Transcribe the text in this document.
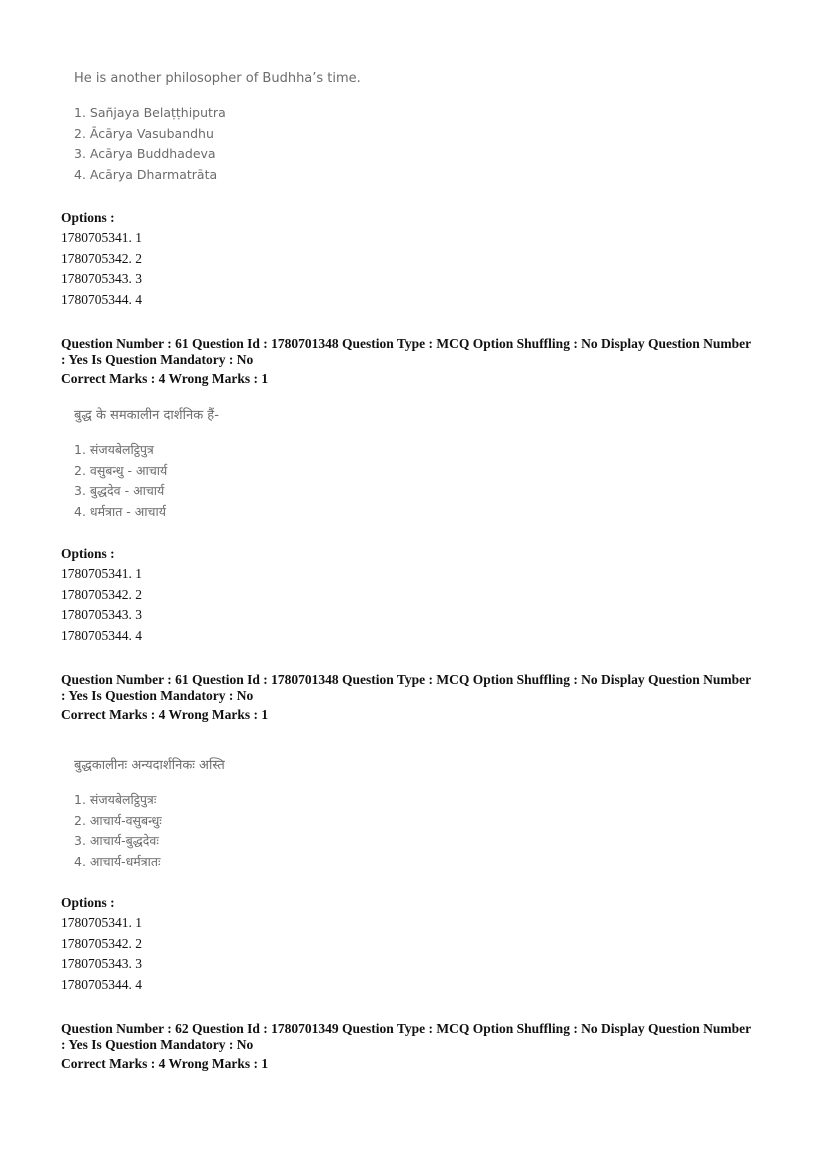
He is another philosopher of Budhha’s time.
1. Sañjaya Belaṭṭhiputra
2. Ācārya Vasubandhu
3. Acārya Buddhadeva
4. Acārya Dharmatrāta
Options :
1780705341. 1
1780705342. 2
1780705343. 3
1780705344. 4
Question Number : 61 Question Id : 1780701348 Question Type : MCQ Option Shuffling : No Display Question Number
: Yes Is Question Mandatory : No
Correct Marks : 4 Wrong Marks : 1
बुद्ध के समकालीन दार्शनिक हैं-
1. संजयबेलट्ठिपुत्र
2. वसुबन्धु - आचार्य
3. बुद्धदेव - आचार्य
4. धर्मत्रात - आचार्य
Options :
1780705341. 1
1780705342. 2
1780705343. 3
1780705344. 4
Question Number : 61 Question Id : 1780701348 Question Type : MCQ Option Shuffling : No Display Question Number
: Yes Is Question Mandatory : No
Correct Marks : 4 Wrong Marks : 1
बुद्धकालीनः अन्यदार्शनिकः अस्ति
1. संजयबेलट्ठिपुत्रः
2. आचार्य-वसुबन्धुः
3. आचार्य-बुद्धदेवः
4. आचार्य-धर्मत्रातः
Options :
1780705341. 1
1780705342. 2
1780705343. 3
1780705344. 4
Question Number : 62 Question Id : 1780701349 Question Type : MCQ Option Shuffling : No Display Question Number
: Yes Is Question Mandatory : No
Correct Marks : 4 Wrong Marks : 1
